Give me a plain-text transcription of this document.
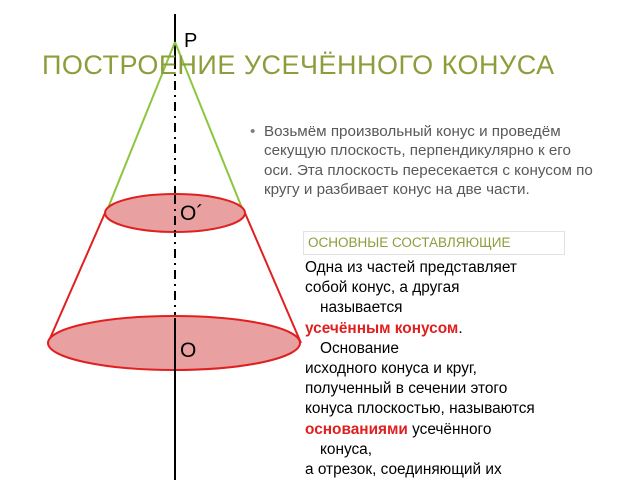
ПОСТРОЕНИЕ УСЕЧЁННОГО КОНУСА
Р
O´
O
• Возьмём произвольный конус и проведём секущую плоскость, перпендикулярно к его оси. Эта плоскость пересекается с конусом по кругу и разбивает конус на две части.
ОСНОВНЫЕ СОСТАВЛЯЮЩИЕ
Одна из частей представляет
собой конус, а другая
называется
усечённым конусом.
Основание
исходного конуса и круг,
полученный в сечении этого
конуса плоскостью, называются
основаниями усечённого
конуса,
а отрезок, соединяющий их
